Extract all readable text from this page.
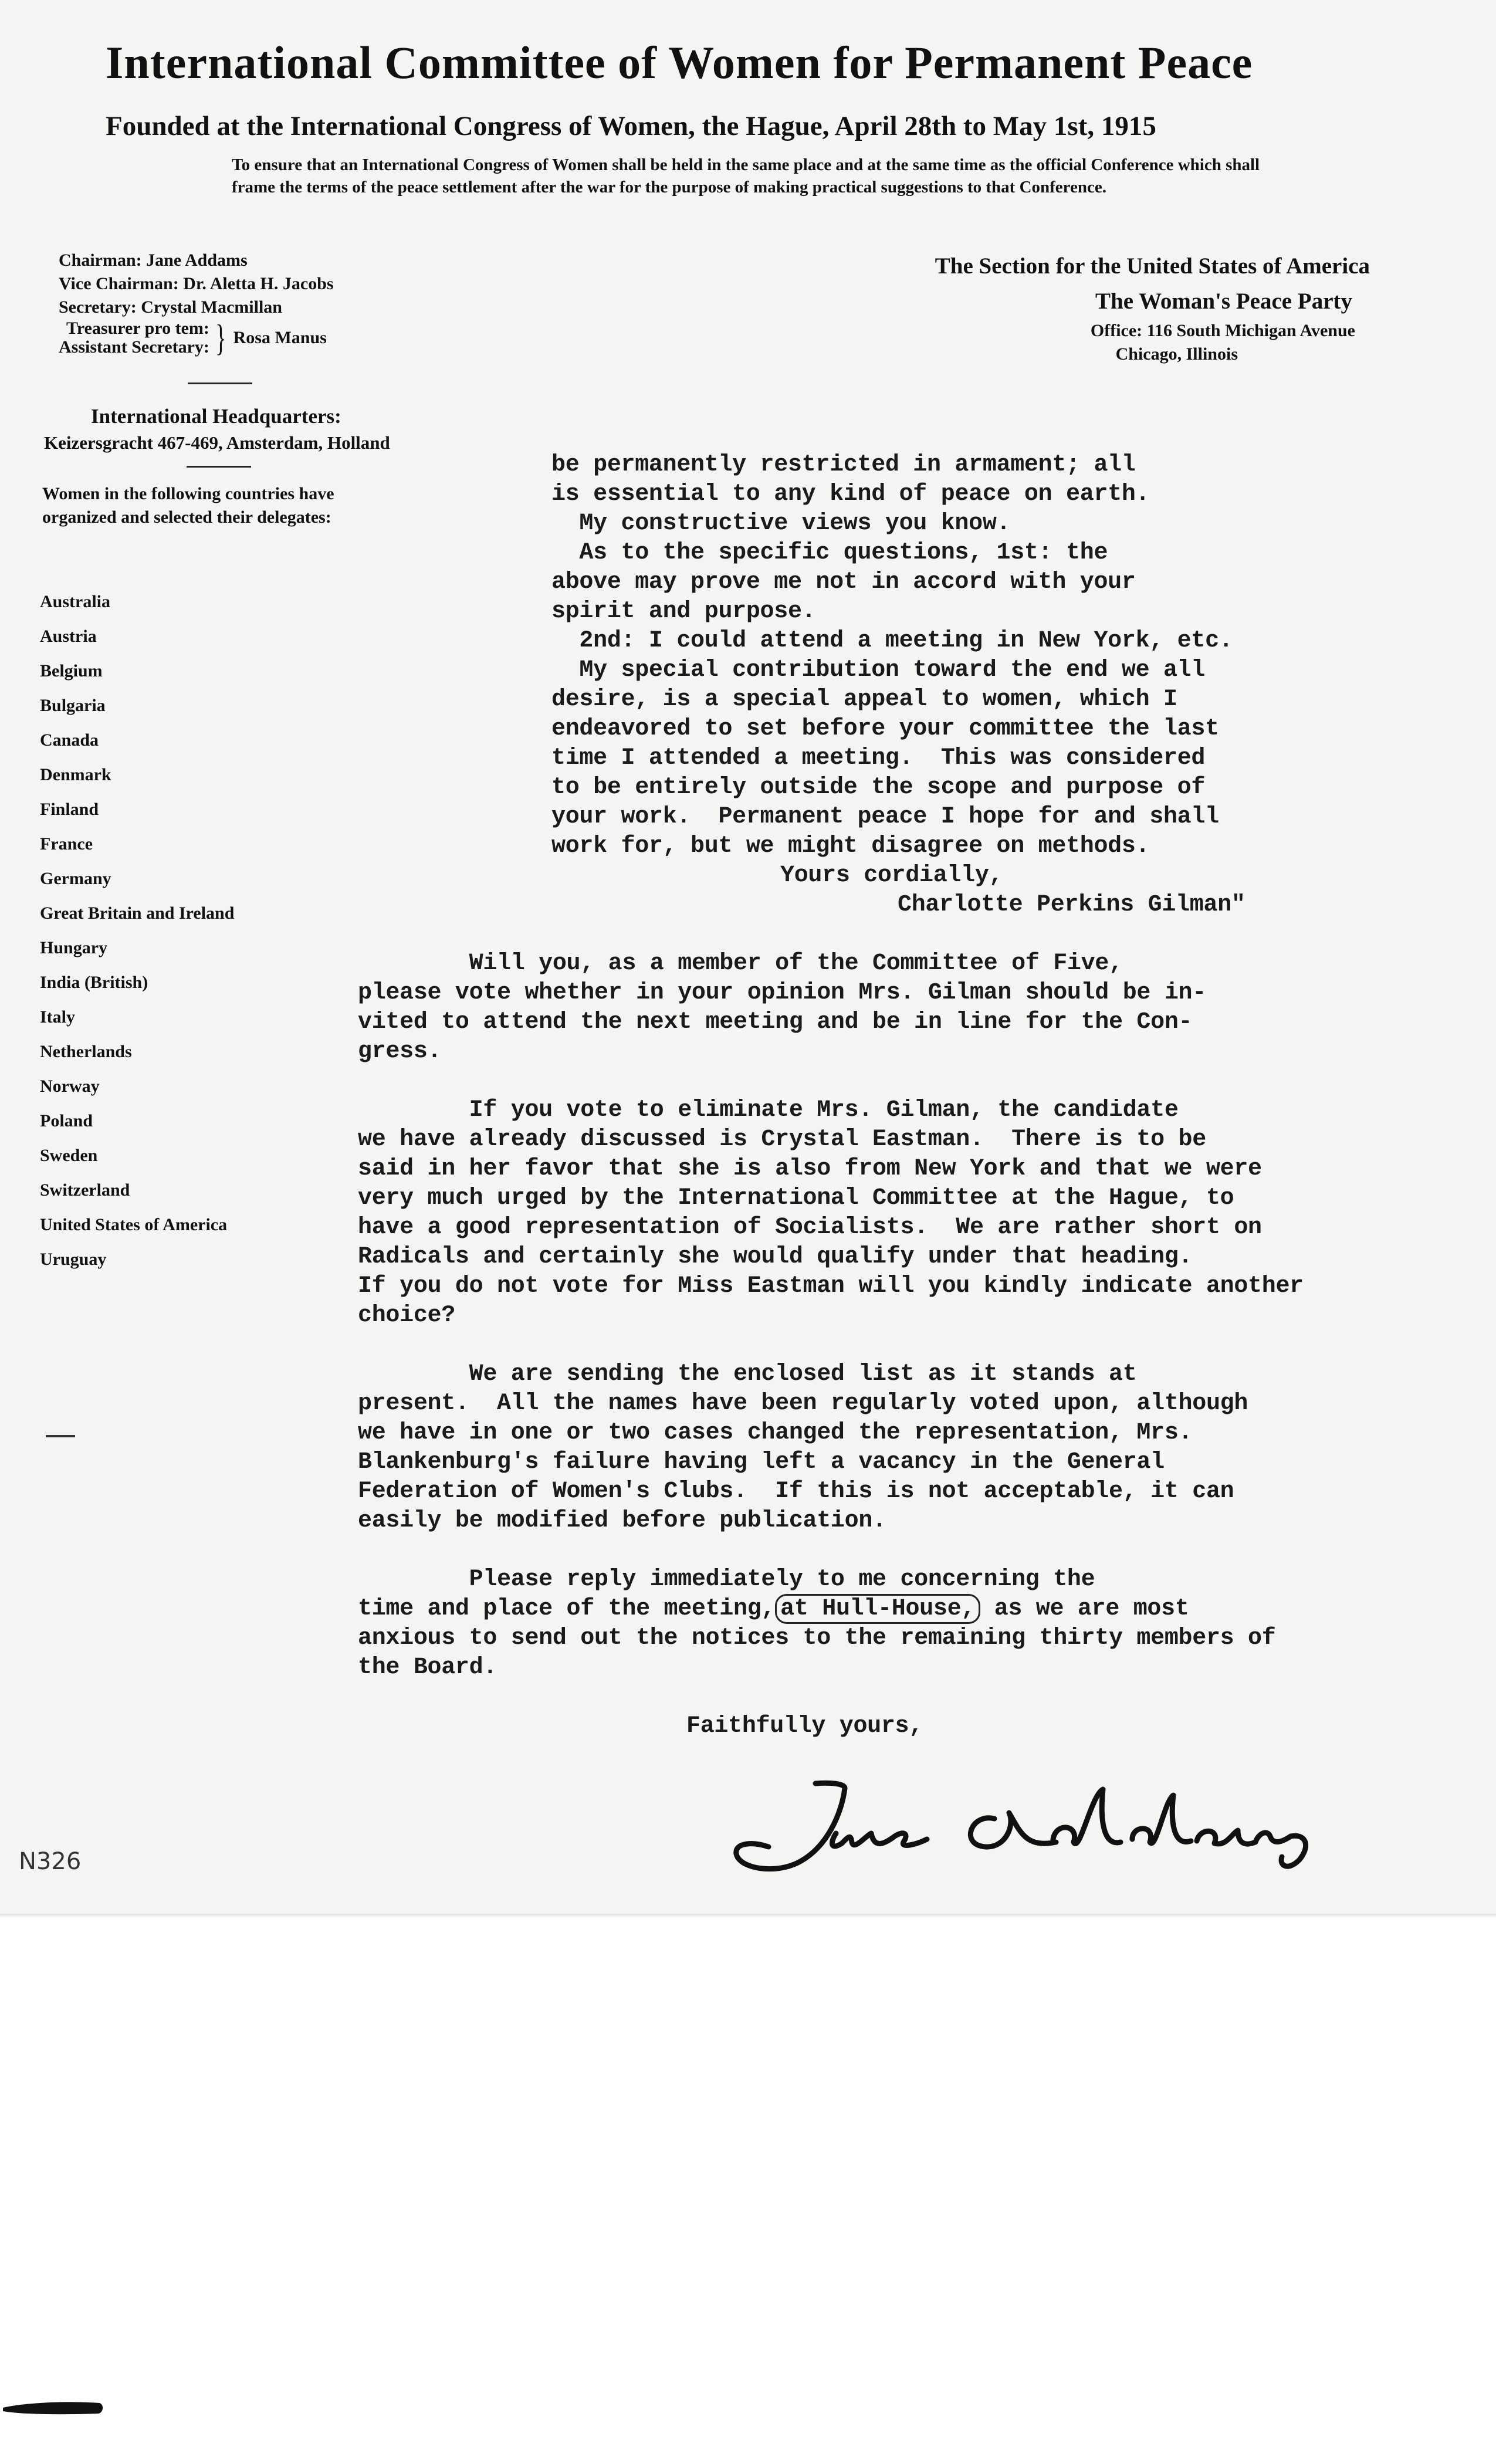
International Committee of Women for Permanent Peace
Founded at the International Congress of Women, the Hague, April 28th to May 1st, 1915
To ensure that an International Congress of Women shall be held in the same place and at the same time as the official Conference which shall frame the terms of the peace settlement after the war for the purpose of making practical suggestions to that Conference.
Chairman: Jane Addams
Vice Chairman: Dr. Aletta H. Jacobs
Secretary: Crystal Macmillan
Treasurer pro tem:
Assistant Secretary: } Rosa Manus
International Headquarters:
Keizersgracht 467-469, Amsterdam, Holland
Women in the following countries have organized and selected their delegates:
Australia
Austria
Belgium
Bulgaria
Canada
Denmark
Finland
France
Germany
Great Britain and Ireland
Hungary
India (British)
Italy
Netherlands
Norway
Poland
Sweden
Switzerland
United States of America
Uruguay
The Section for the United States of America
The Woman's Peace Party
Office: 116 South Michigan Avenue
Chicago, Illinois
be permanently restricted in armament; all
is essential to any kind of peace on earth.
My constructive views you know.
As to the specific questions, 1st: the
above may prove me not in accord with your
spirit and purpose.
2nd: I could attend a meeting in New York, etc.
My special contribution toward the end we all
desire, is a special appeal to women, which I
endeavored to set before your committee the last
time I attended a meeting.  This was considered
to be entirely outside the scope and purpose of
your work.  Permanent peace I hope for and shall
work for, but we might disagree on methods.
Yours cordially,
Charlotte Perkins Gilman"
Will you, as a member of the Committee of Five,
please vote whether in your opinion Mrs. Gilman should be in-
vited to attend the next meeting and be in line for the Con-
gress.
If you vote to eliminate Mrs. Gilman, the candidate
we have already discussed is Crystal Eastman.  There is to be
said in her favor that she is also from New York and that we were
very much urged by the International Committee at the Hague, to
have a good representation of Socialists.  We are rather short on
Radicals and certainly she would qualify under that heading.
If you do not vote for Miss Eastman will you kindly indicate another
choice?
We are sending the enclosed list as it stands at
present.  All the names have been regularly voted upon, although
we have in one or two cases changed the representation, Mrs.
Blankenburg's failure having left a vacancy in the General
Federation of Women's Clubs.  If this is not acceptable, it can
easily be modified before publication.
Please reply immediately to me concerning the
time and place of the meeting, at Hull-House, as we are most
anxious to send out the notices to the remaining thirty members of
the Board.
Faithfully yours,
N326
